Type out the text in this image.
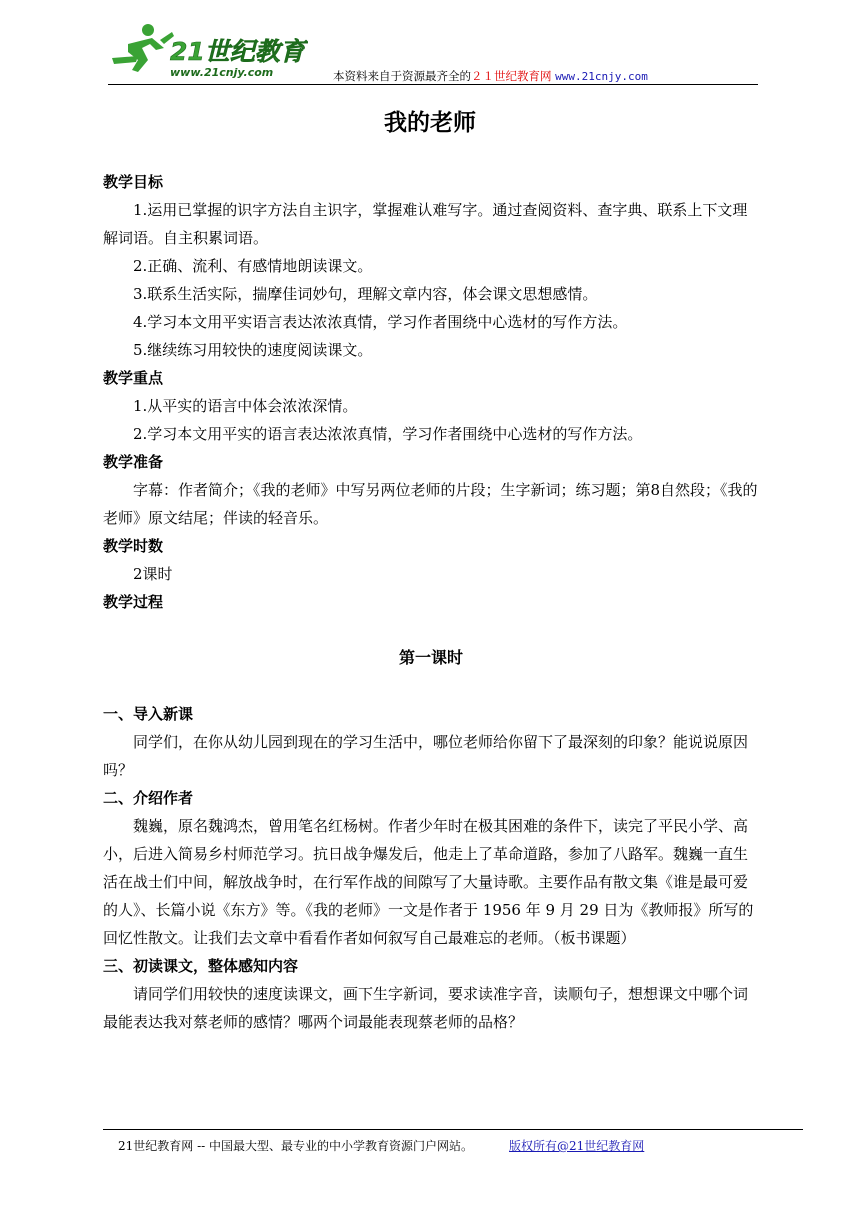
21世纪教育
www.21cnjy.com	本资料来自于资源最齐全的２１世纪教育网 www.21cnjy.com
我的老师
教学目标

1.运用已掌握的识字方法自主识字，掌握难认难写字。通过查阅资料、查字典、联系上下文理解词语。自主积累词语。

2.正确、流利、有感情地朗读课文。

3.联系生活实际，揣摩佳词妙句，理解文章内容，体会课文思想感情。

4.学习本文用平实语言表达浓浓真情，学习作者围绕中心选材的写作方法。

5.继续练习用较快的速度阅读课文。

教学重点

1.从平实的语言中体会浓浓深情。

2.学习本文用平实的语言表达浓浓真情，学习作者围绕中心选材的写作方法。

教学准备

字幕：作者简介；《我的老师》中写另两位老师的片段；生字新词；练习题；第8自然段；《我的老师》原文结尾；伴读的轻音乐。

教学时数

2课时

教学过程
第一课时
一、导入新课

同学们，在你从幼儿园到现在的学习生活中，哪位老师给你留下了最深刻的印象？能说说原因吗？

二、介绍作者

魏巍，原名魏鸿杰，曾用笔名红杨树。作者少年时在极其困难的条件下，读完了平民小学、高小，后进入简易乡村师范学习。抗日战争爆发后，他走上了革命道路，参加了八路军。魏巍一直生活在战士们中间，解放战争时，在行军作战的间隙写了大量诗歌。主要作品有散文集《谁是最可爱的人》、长篇小说《东方》等。《我的老师》一文是作者于 1956 年 9 月 29 日为《教师报》所写的回忆性散文。让我们去文章中看看作者如何叙写自己最难忘的老师。（板书课题）

三、初读课文，整体感知内容

请同学们用较快的速度读课文，画下生字新词，要求读准字音，读顺句子，想想课文中哪个词最能表达我对蔡老师的感情？哪两个词最能表现蔡老师的品格？

21世纪教育网 -- 中国最大型、最专业的中小学教育资源门户网站。	版权所有@21世纪教育网
